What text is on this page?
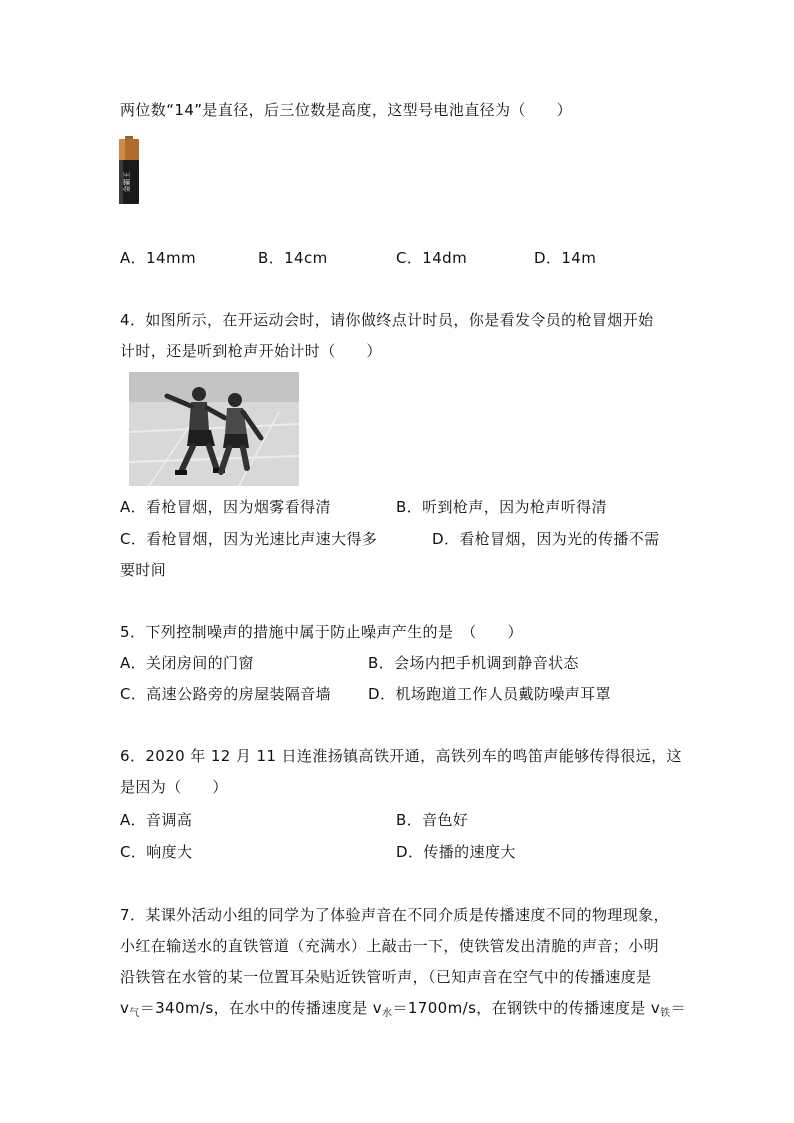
两位数“14”是直径，后三位数是高度，这型号电池直径为（　　）
金霸王
A．14mm	B．14cm	C．14dm	D．14m
4．如图所示，在开运动会时，请你做终点计时员，你是看发令员的枪冒烟开始
计时，还是听到枪声开始计时（　　）
A．看枪冒烟，因为烟雾看得清	B．听到枪声，因为枪声听得清
C．看枪冒烟，因为光速比声速大得多	D．看枪冒烟，因为光的传播不需
要时间
5．下列控制噪声的措施中属于防止噪声产生的是　（　　）
A．关闭房间的门窗	B．会场内把手机调到静音状态
C．高速公路旁的房屋装隔音墙 D．机场跑道工作人员戴防噪声耳罩
6．2020 年 12 月 11 日连淮扬镇高铁开通，高铁列车的鸣笛声能够传得很远，这
是因为（　　）
A．音调高	B．音色好
C．响度大	D．传播的速度大
7．某课外活动小组的同学为了体验声音在不同介质是传播速度不同的物理现象，
小红在输送水的直铁管道（充满水）上敲击一下，使铁管发出清脆的声音；小明
沿铁管在水管的某一位置耳朵贴近铁管听声，（已知声音在空气中的传播速度是
$v_气=340m/s$，在水中的传播速度是 $v_水=1700m/s$，在钢铁中的传播速度是 $v_铁=$
